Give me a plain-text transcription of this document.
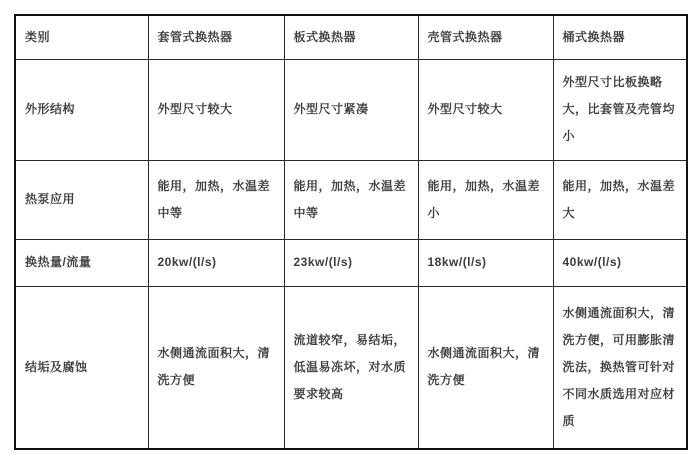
类别	套管式换热器	板式换热器	壳管式换热器	桶式换热器
外形结构	外型尺寸较大	外型尺寸紧凑	外型尺寸较大	外型尺寸比板换略大，比套管及壳管均小
热泵应用	能用，加热，水温差中等	能用，加热，水温差中等	能用，加热，水温差小	能用，加热，水温差大
换热量/流量	20kw/(l/s)	23kw/(l/s)	18kw/(l/s)	40kw/(l/s)
结垢及腐蚀	水侧通流面积大，清洗方便	流道较窄，易结垢，低温易冻坏，对水质要求较高	水侧通流面积大，清洗方便	水侧通流面积大，清洗方便，可用膨胀清洗法，换热管可针对不同水质选用对应材质
